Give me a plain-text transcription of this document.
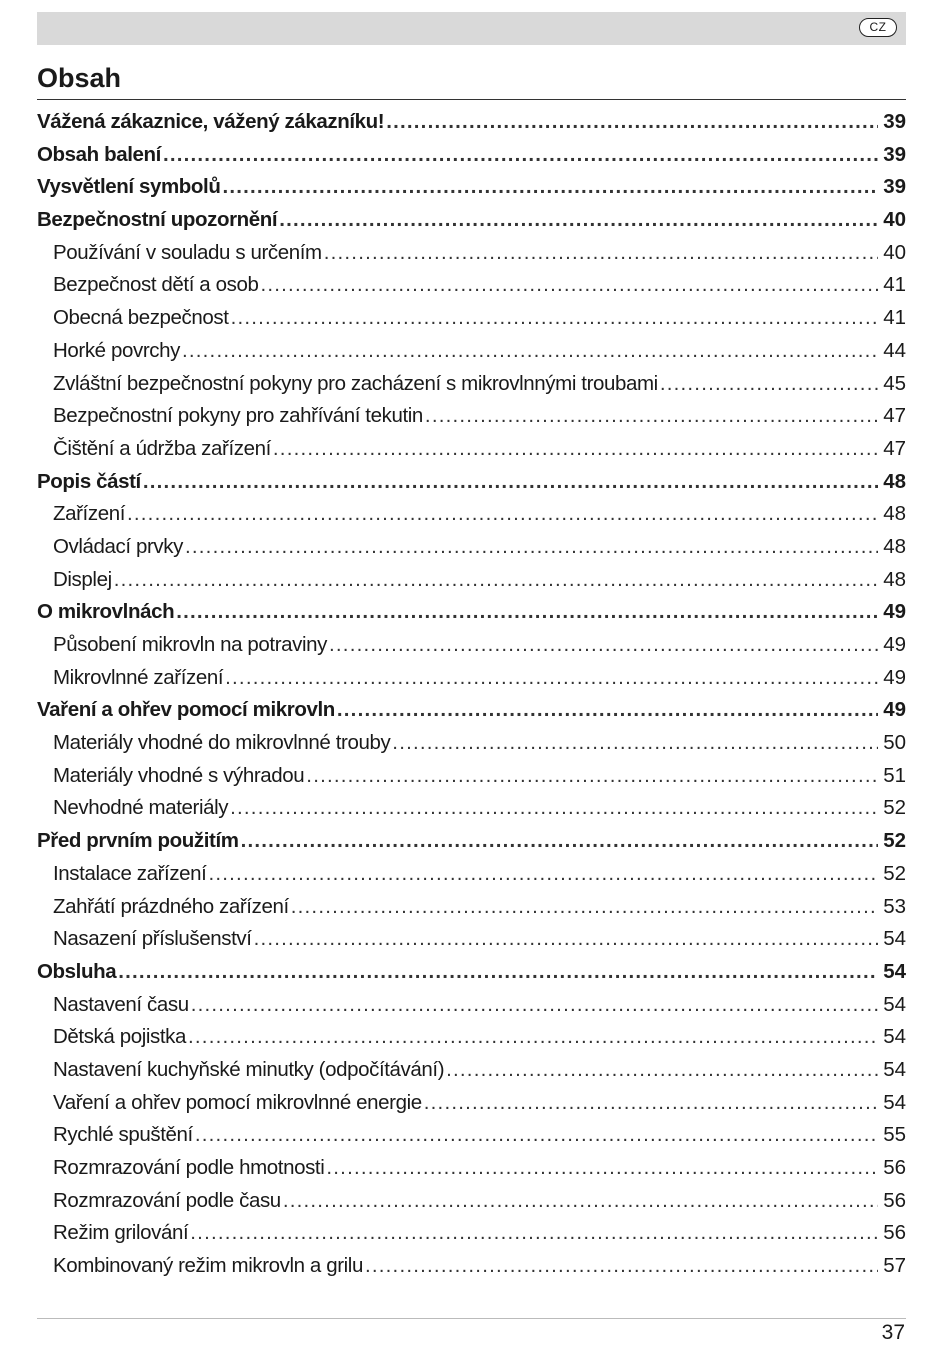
CZ
Obsah
Vážená zákaznice, vážený zákazníku! .....	39
Obsah balení .....	39
Vysvětlení symbolů .....	39
Bezpečnostní upozornění .....	40
Používání v souladu s určením .....	40
Bezpečnost dětí a osob .....	41
Obecná bezpečnost .....	41
Horké povrchy .....	44
Zvláštní bezpečnostní pokyny pro zacházení s mikrovlnnými troubami .....	45
Bezpečnostní pokyny pro zahřívání tekutin .....	47
Čištění a údržba zařízení .....	47
Popis částí .....	48
Zařízení .....	48
Ovládací prvky .....	48
Displej .....	48
O mikrovlnách .....	49
Působení mikrovln na potraviny .....	49
Mikrovlnné zařízení .....	49
Vaření a ohřev pomocí mikrovln .....	49
Materiály vhodné do mikrovlnné trouby .....	50
Materiály vhodné s výhradou .....	51
Nevhodné materiály .....	52
Před prvním použitím .....	52
Instalace zařízení .....	52
Zahřátí prázdného zařízení .....	53
Nasazení příslušenství .....	54
Obsluha .....	54
Nastavení času .....	54
Dětská pojistka .....	54
Nastavení kuchyňské minutky (odpočítávání) .....	54
Vaření a ohřev pomocí mikrovlnné energie .....	54
Rychlé spuštění .....	55
Rozmrazování podle hmotnosti .....	56
Rozmrazování podle času .....	56
Režim grilování .....	56
Kombinovaný režim mikrovln a grilu .....	57
37
